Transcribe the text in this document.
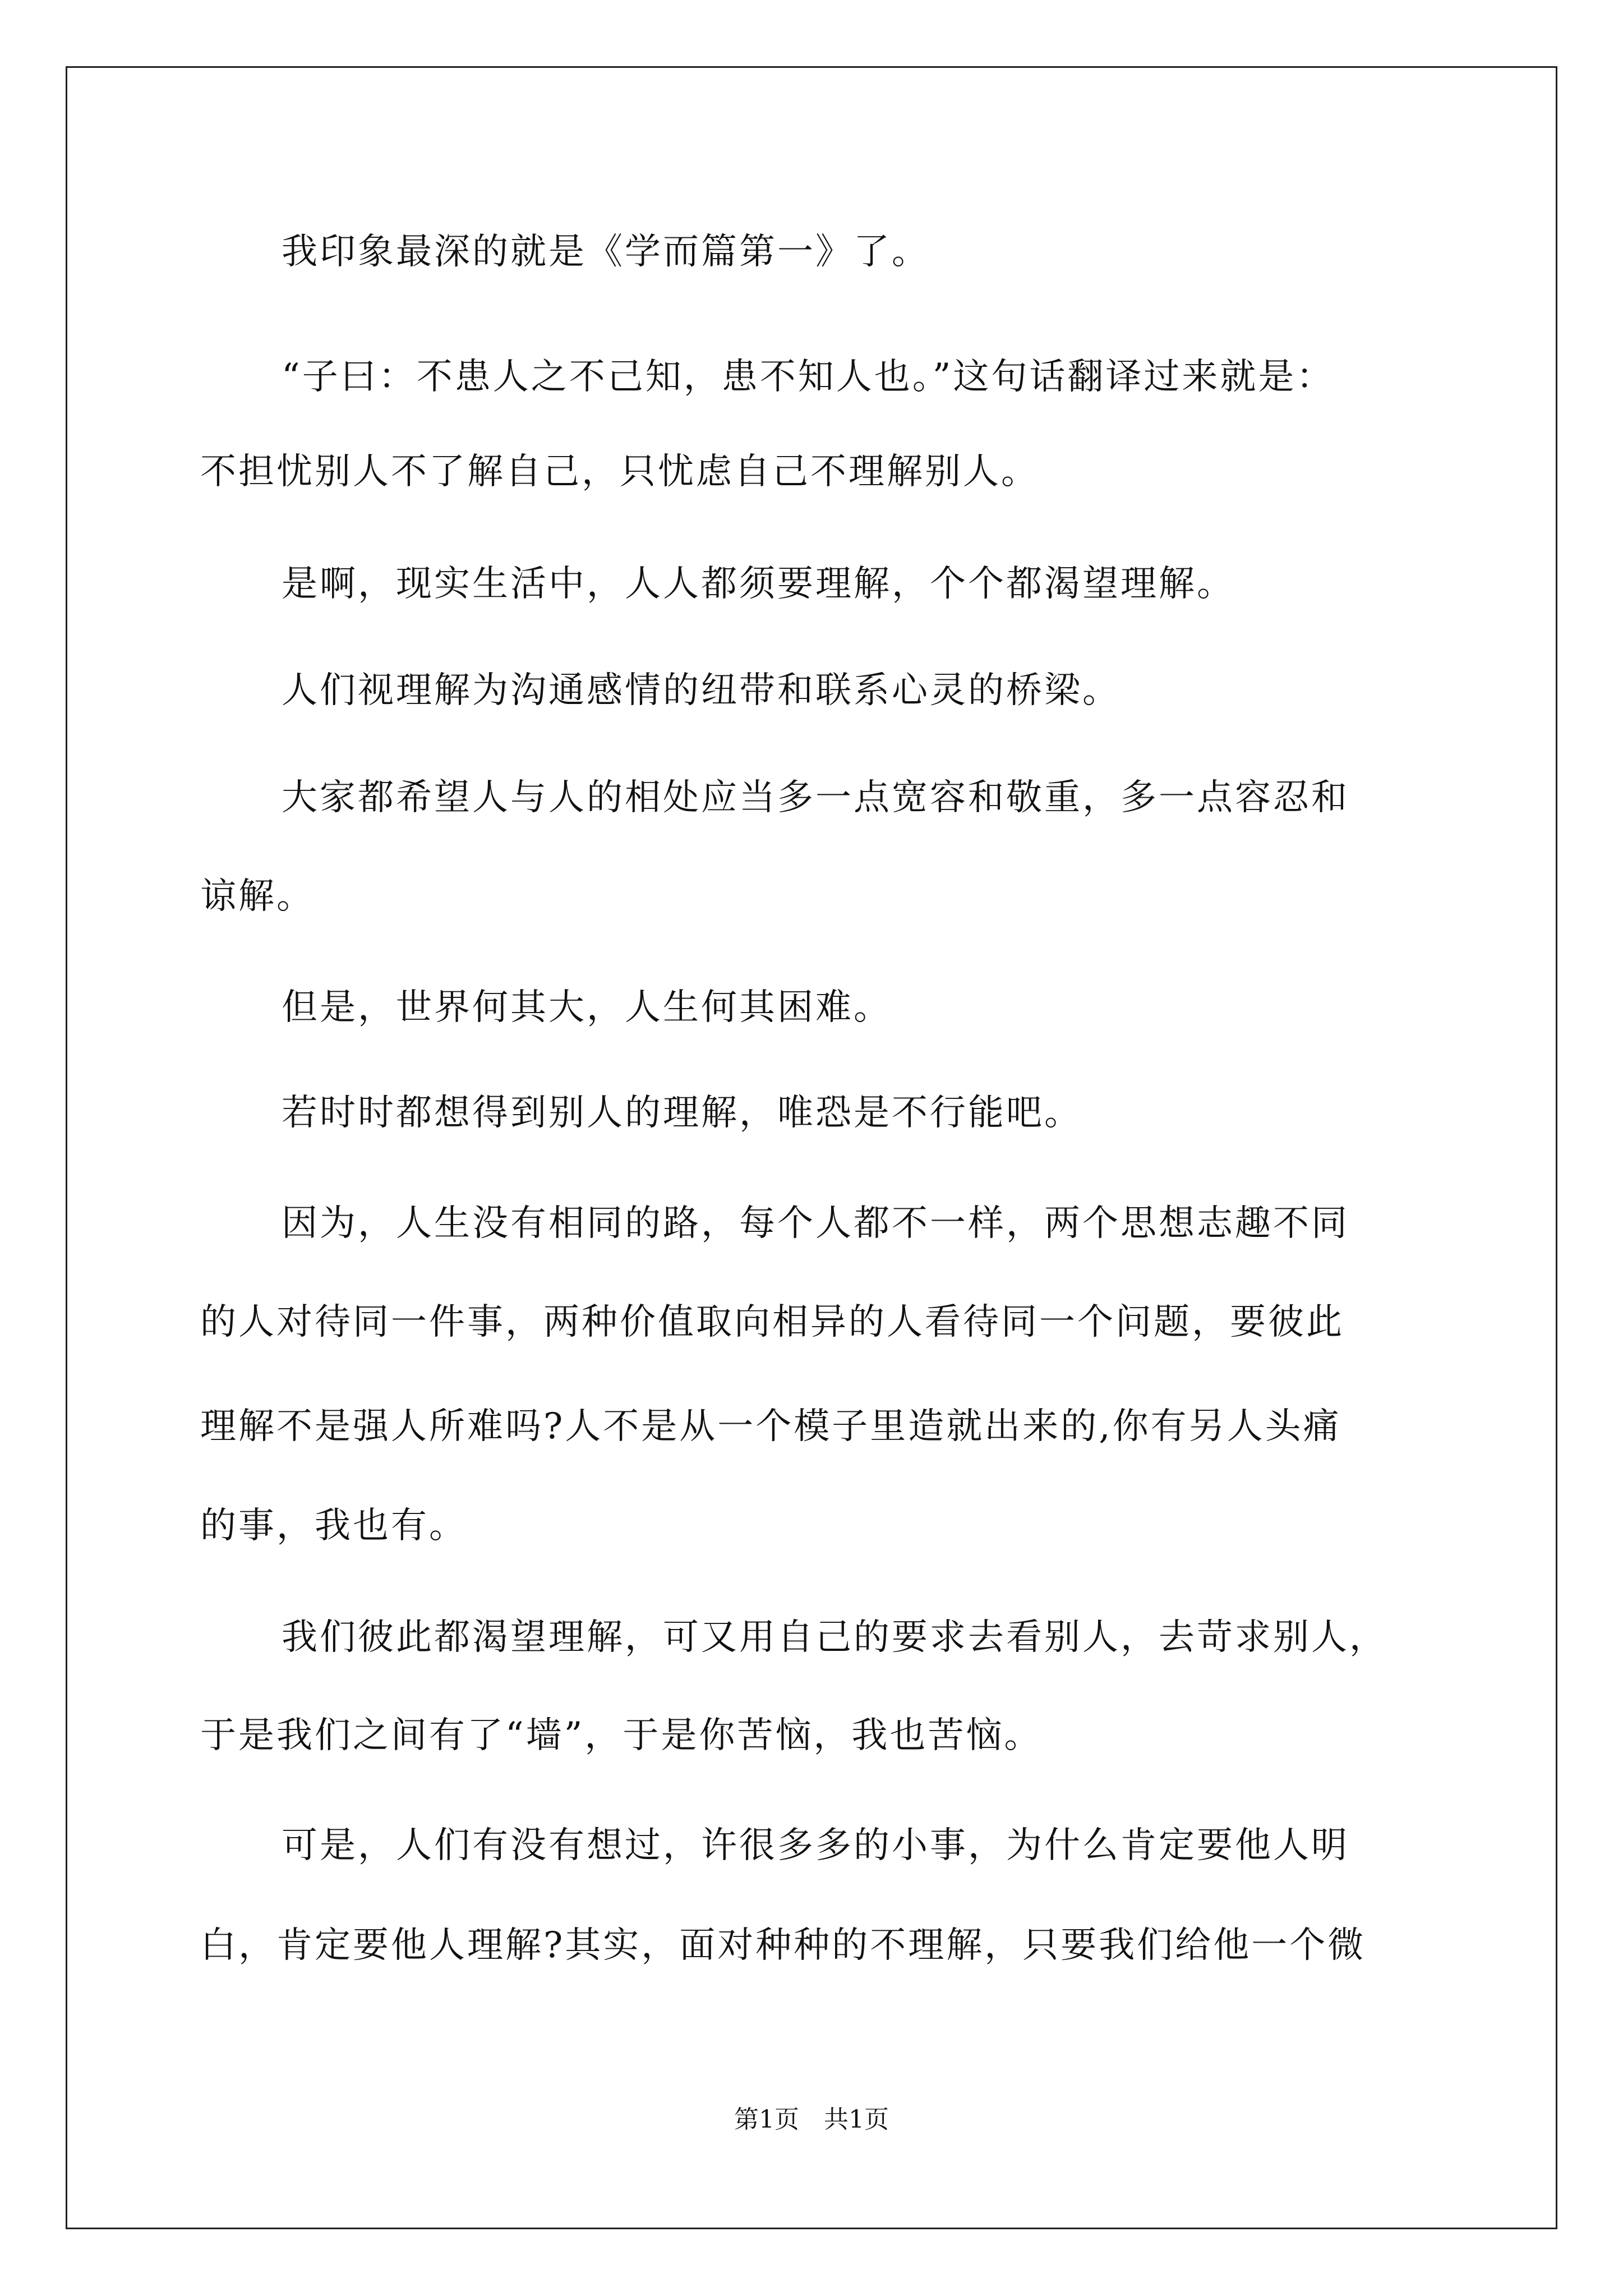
我印象最深的就是《学而篇第一》了。
“子曰：不患人之不己知，患不知人也。”这句话翻译过来就是：
不担忧别人不了解自己，只忧虑自己不理解别人。
是啊，现实生活中，人人都须要理解，个个都渴望理解。
人们视理解为沟通感情的纽带和联系心灵的桥梁。
大家都希望人与人的相处应当多一点宽容和敬重，多一点容忍和
谅解。
但是，世界何其大，人生何其困难。
若时时都想得到别人的理解，唯恐是不行能吧。
因为，人生没有相同的路，每个人都不一样，两个思想志趣不同
的人对待同一件事，两种价值取向相异的人看待同一个问题，要彼此
理解不是强人所难吗?人不是从一个模子里造就出来的,你有另人头痛
的事，我也有。
我们彼此都渴望理解，可又用自己的要求去看别人，去苛求别人，
于是我们之间有了“墙”，于是你苦恼，我也苦恼。
可是，人们有没有想过，许很多多的小事，为什么肯定要他人明
白，肯定要他人理解?其实，面对种种的不理解，只要我们给他一个微
第1页　共1页
